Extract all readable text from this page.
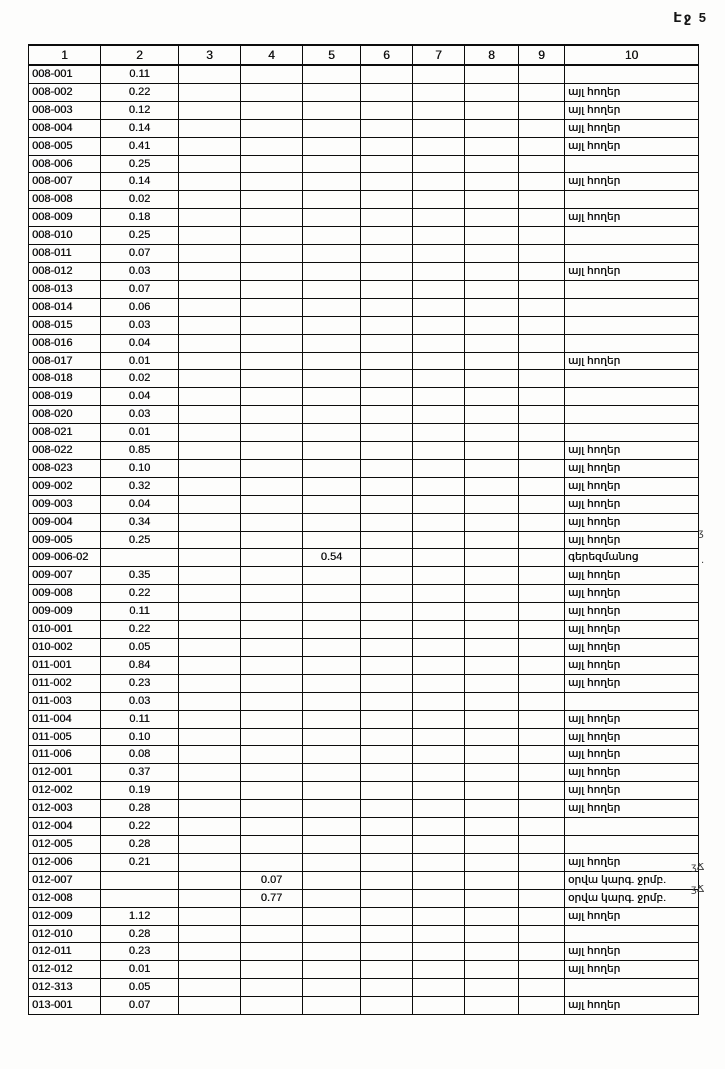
Էջ 5
1	2	3	4	5	6	7	8	9	10
008-001	0.11								
008-002	0.22								այլ հողեր
008-003	0.12								այլ հողեր
008-004	0.14								այլ հողեր
008-005	0.41								այլ հողեր
008-006	0.25								
008-007	0.14								այլ հողեր
008-008	0.02								
008-009	0.18								այլ հողեր
008-010	0.25								
008-011	0.07								
008-012	0.03								այլ հողեր
008-013	0.07								
008-014	0.06								
008-015	0.03								
008-016	0.04								
008-017	0.01								այլ հողեր
008-018	0.02								
008-019	0.04								
008-020	0.03								
008-021	0.01								
008-022	0.85								այլ հողեր
008-023	0.10								այլ հողեր
009-002	0.32								այլ հողեր
009-003	0.04								այլ հողեր
009-004	0.34								այլ հողեր
009-005	0.25								այլ հողեր
009-006-02				0.54					գերեզմանոց
009-007	0.35								այլ հողեր
009-008	0.22								այլ հողեր
009-009	0.11								այլ հողեր
010-001	0.22								այլ հողեր
010-002	0.05								այլ հողեր
011-001	0.84								այլ հողեր
011-002	0.23								այլ հողեր
011-003	0.03								
011-004	0.11								այլ հողեր
011-005	0.10								այլ հողեր
011-006	0.08								այլ հողեր
012-001	0.37								այլ հողեր
012-002	0.19								այլ հողեր
012-003	0.28								այլ հողեր
012-004	0.22								
012-005	0.28								
012-006	0.21								այլ հողեր
012-007			0.07						օրվա կարգ. ջրմբ.
012-008			0.77						օրվա կարգ. ջրմբ.
012-009	1.12								այլ հողեր
012-010	0.28								
012-011	0.23								այլ հողեր
012-012	0.01								այլ հողեր
012-313	0.05								
013-001	0.07								այլ հողեր
ʒ
·
ʒՃ
ʒՃ
